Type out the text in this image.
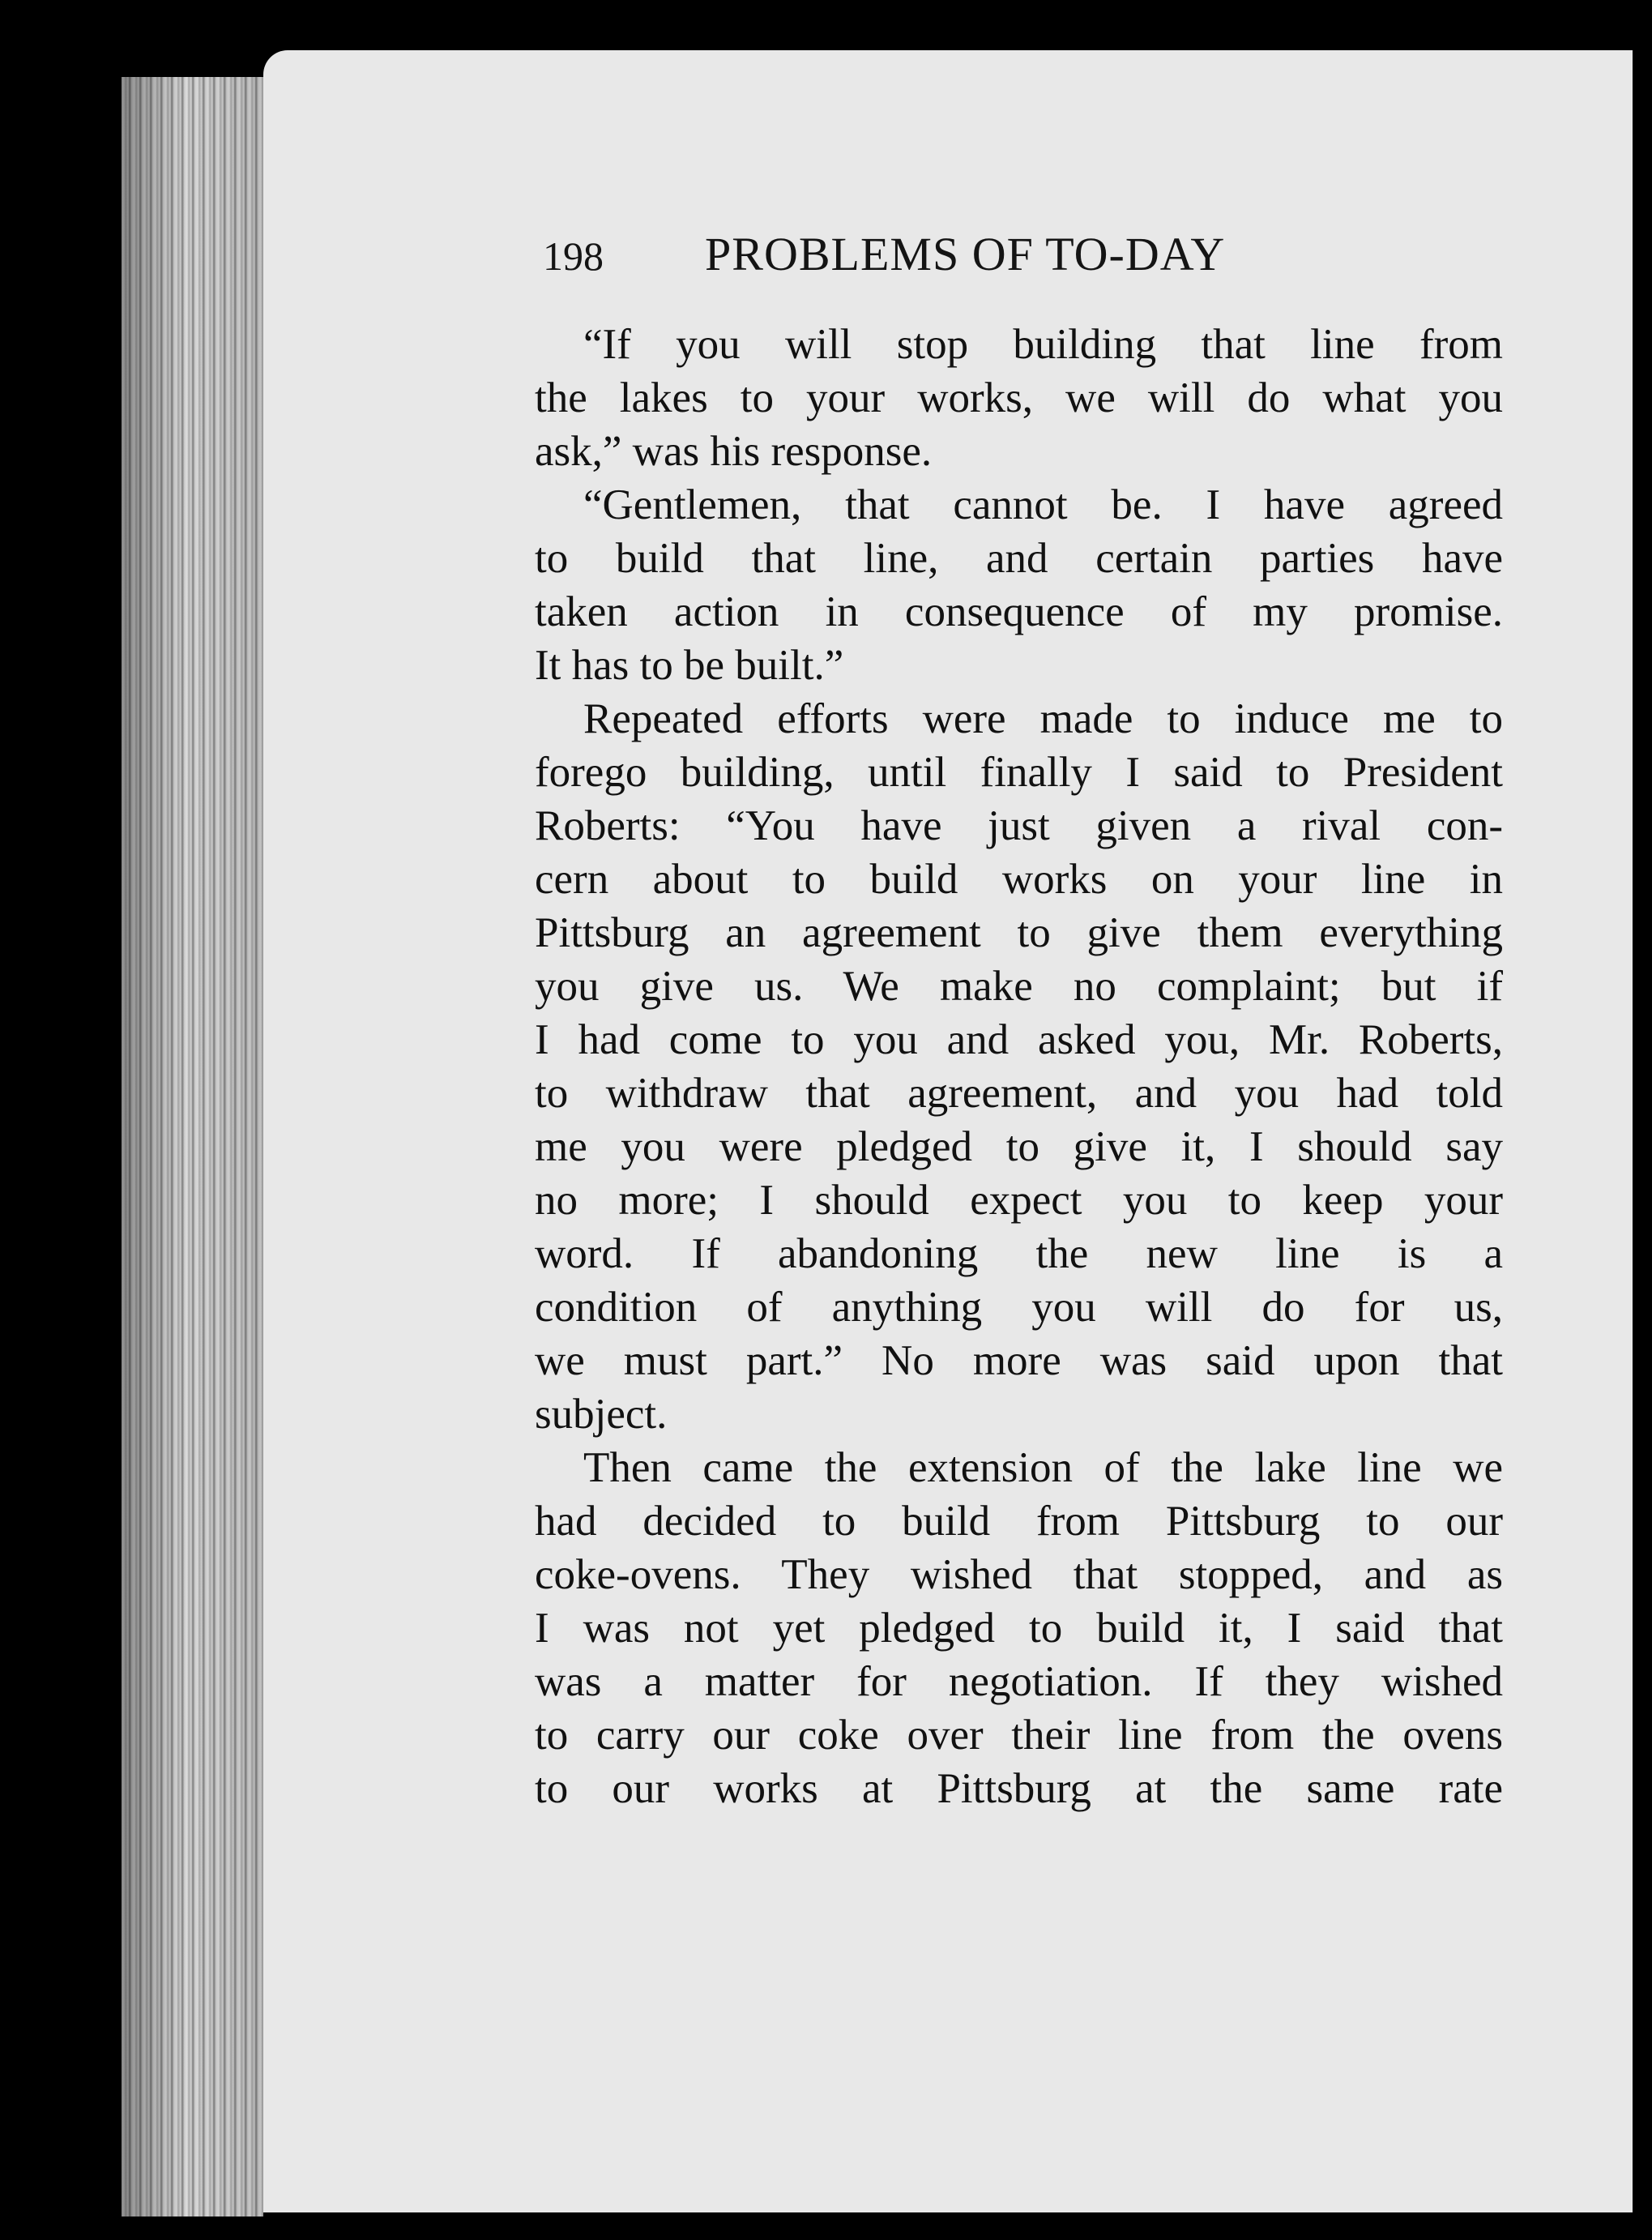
198	PROBLEMS OF TO-DAY
“If you will stop building that line from
the lakes to your works, we will do what you
ask,” was his response.
“Gentlemen, that cannot be. I have agreed
to build that line, and certain parties have
taken action in consequence of my promise.
It has to be built.”
Repeated efforts were made to induce me to
forego building, until finally I said to President
Roberts: “You have just given a rival con-
cern about to build works on your line in
Pittsburg an agreement to give them everything
you give us. We make no complaint; but if
I had come to you and asked you, Mr. Roberts,
to withdraw that agreement, and you had told
me you were pledged to give it, I should say
no more; I should expect you to keep your
word. If abandoning the new line is a
condition of anything you will do for us,
we must part.” No more was said upon that
subject.
Then came the extension of the lake line we
had decided to build from Pittsburg to our
coke-ovens. They wished that stopped, and as
I was not yet pledged to build it, I said that
was a matter for negotiation. If they wished
to carry our coke over their line from the ovens
to our works at Pittsburg at the same rate
